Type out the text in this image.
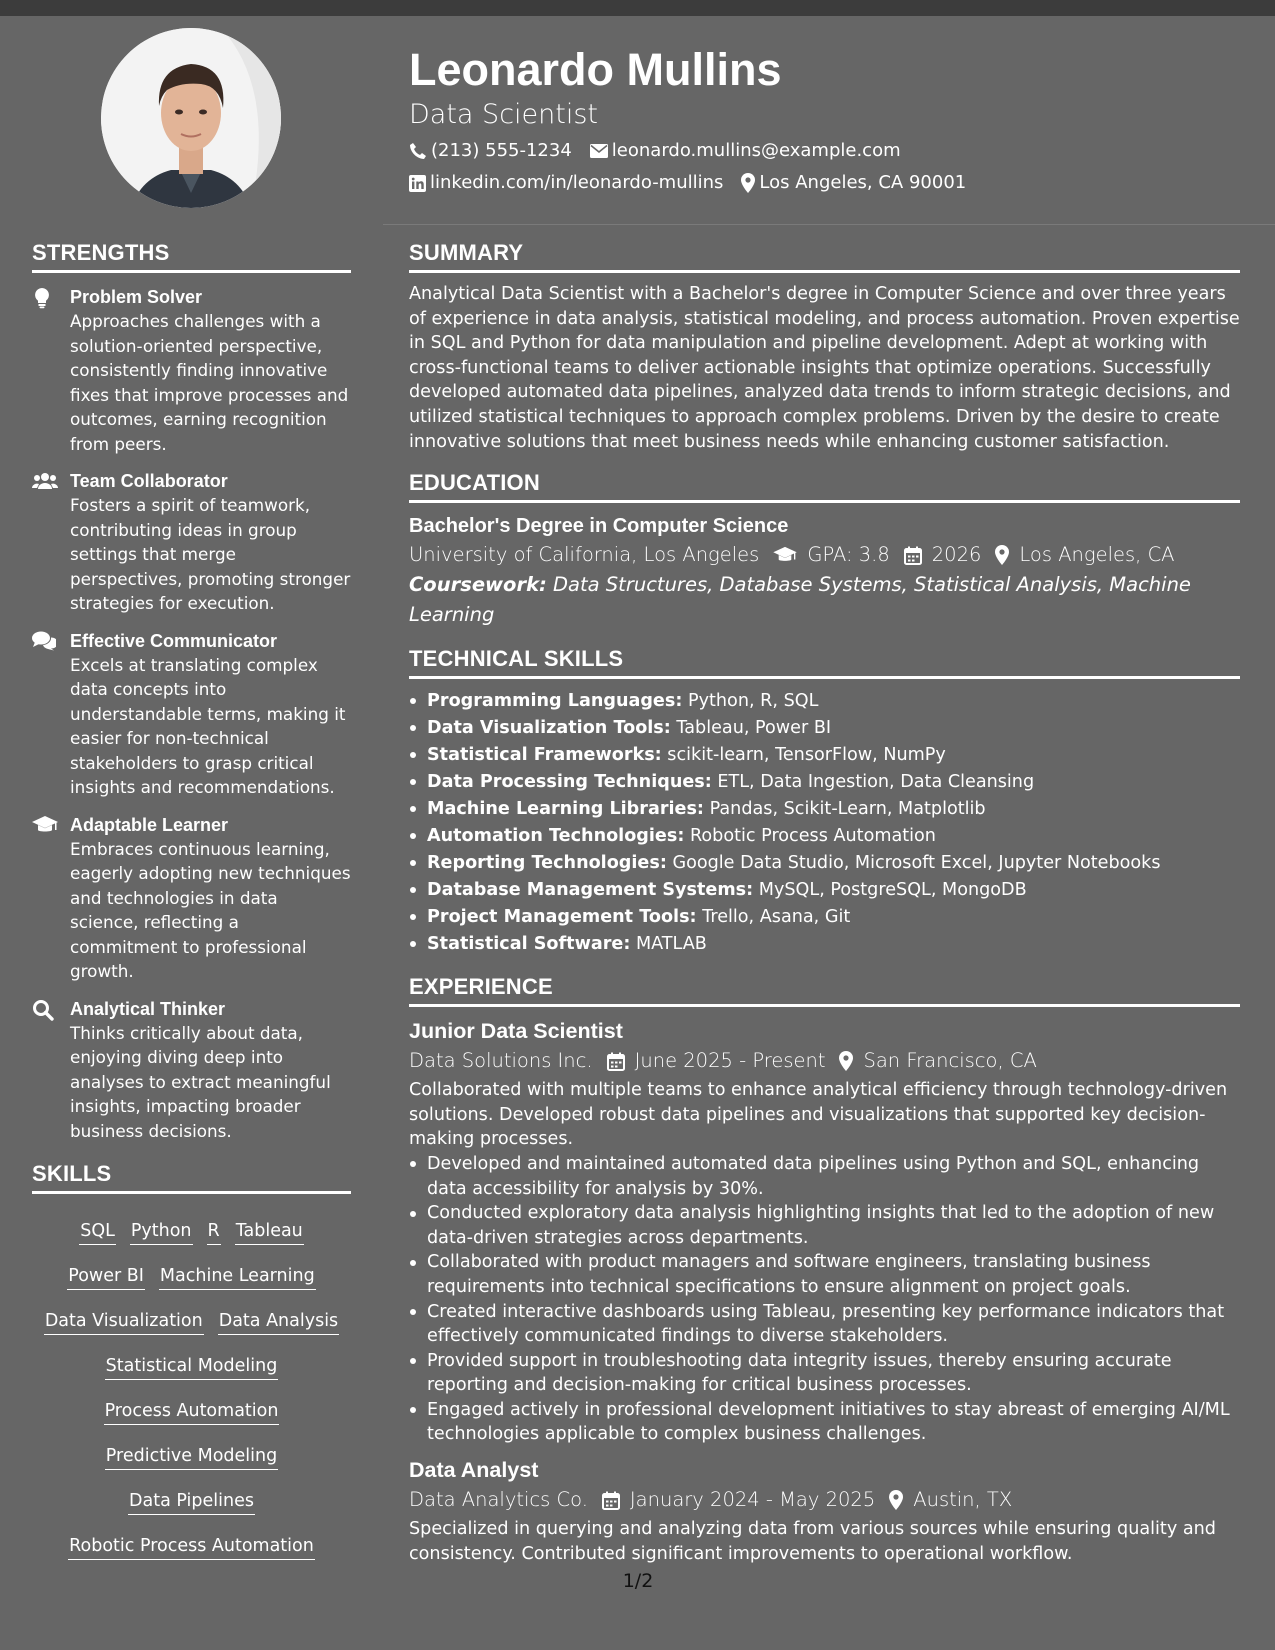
STRENGTHS
Problem Solver
Approaches challenges with a solution-oriented perspective, consistently finding innovative fixes that improve processes and outcomes, earning recognition from peers.
Team Collaborator
Fosters a spirit of teamwork, contributing ideas in group settings that merge perspectives, promoting stronger strategies for execution.
Effective Communicator
Excels at translating complex data concepts into understandable terms, making it easier for non-technical stakeholders to grasp critical insights and recommendations.
Adaptable Learner
Embraces continuous learning, eagerly adopting new techniques and technologies in data science, reflecting a commitment to professional growth.
Analytical Thinker
Thinks critically about data, enjoying diving deep into analyses to extract meaningful insights, impacting broader business decisions.
SKILLS
SQL Python R Tableau
Power BI Machine Learning
Data Visualization Data Analysis
Statistical Modeling
Process Automation
Predictive ModelingData Pipelines
Robotic Process Automation
Leonardo Mullins
Data Scientist
(213) 555-1234 leonardo.mullins@example.com
linkedin.com/in/leonardo-mullins Los Angeles, CA 90001
SUMMARY
Analytical Data Scientist with a Bachelor's degree in Computer Science and over three years of experience in data analysis, statistical modeling, and process automation. Proven expertise in SQL and Python for data manipulation and pipeline development. Adept at working with cross-functional teams to deliver actionable insights that optimize operations. Successfully developed automated data pipelines, analyzed data trends to inform strategic decisions, and utilized statistical techniques to approach complex problems. Driven by the desire to create innovative solutions that meet business needs while enhancing customer satisfaction.
EDUCATION
Bachelor's Degree in Computer Science
University of California, Los Angeles GPA: 3.8 2026 Los Angeles, CA
Coursework: Data Structures, Database Systems, Statistical Analysis, Machine Learning
TECHNICAL SKILLS
Programming Languages: Python, R, SQL
Data Visualization Tools: Tableau, Power BI
Statistical Frameworks: scikit-learn, TensorFlow, NumPy
Data Processing Techniques: ETL, Data Ingestion, Data Cleansing
Machine Learning Libraries: Pandas, Scikit-Learn, Matplotlib
Automation Technologies: Robotic Process Automation
Reporting Technologies: Google Data Studio, Microsoft Excel, Jupyter Notebooks
Database Management Systems: MySQL, PostgreSQL, MongoDB
Project Management Tools: Trello, Asana, Git
Statistical Software: MATLAB
EXPERIENCE
Junior Data Scientist
Data Solutions Inc. June 2025 - Present San Francisco, CA
Collaborated with multiple teams to enhance analytical efficiency through technology-driven solutions. Developed robust data pipelines and visualizations that supported key decision-making processes.
Developed and maintained automated data pipelines using Python and SQL, enhancing data accessibility for analysis by 30%.
Conducted exploratory data analysis highlighting insights that led to the adoption of new data-driven strategies across departments.
Collaborated with product managers and software engineers, translating business requirements into technical specifications to ensure alignment on project goals.
Created interactive dashboards using Tableau, presenting key performance indicators that effectively communicated findings to diverse stakeholders.
Provided support in troubleshooting data integrity issues, thereby ensuring accurate reporting and decision-making for critical business processes.
Engaged actively in professional development initiatives to stay abreast of emerging AI/ML technologies applicable to complex business challenges.
Data Analyst
Data Analytics Co. January 2024 - May 2025 Austin, TX
Specialized in querying and analyzing data from various sources while ensuring quality and consistency. Contributed significant improvements to operational workflow.
1/2
